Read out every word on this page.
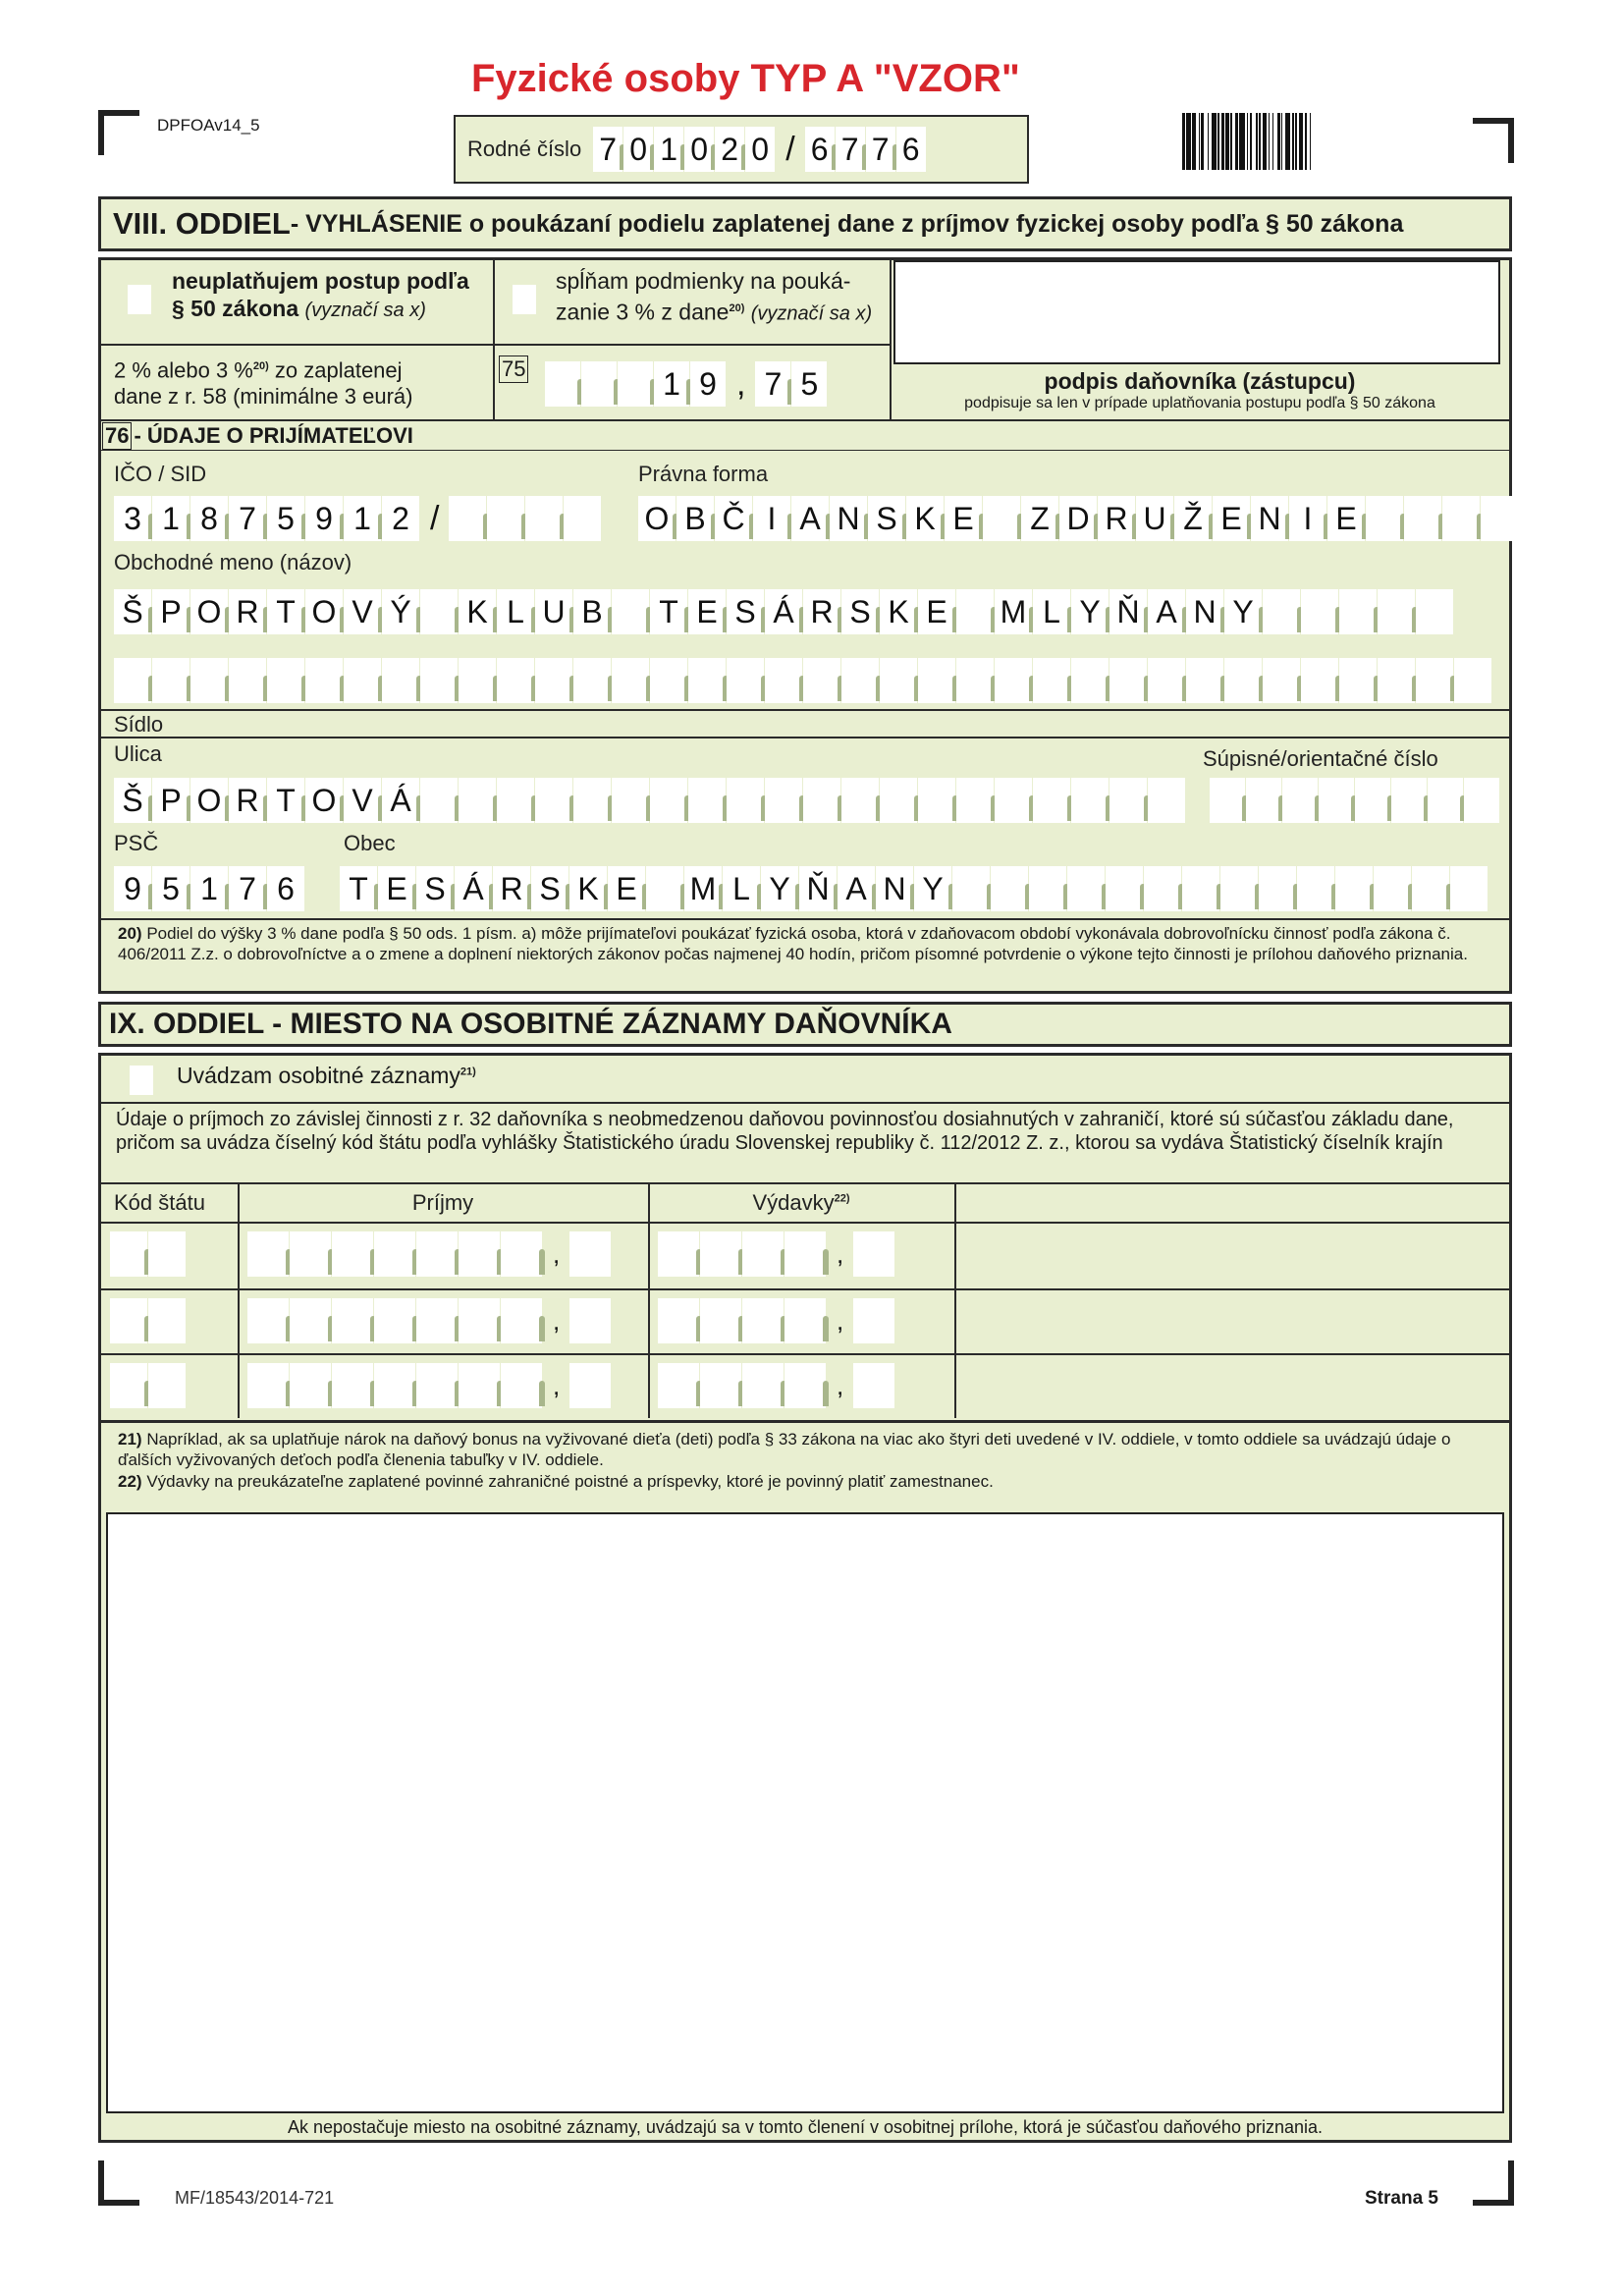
Fyzické osoby TYP A "VZOR"
DPFOAv14_5
Rodné číslo 7 0 1 0 2 0 / 6 7 7 6
VIII. ODDIEL - VYHLÁSENIE o poukázaní podielu zaplatenej dane z príjmov fyzickej osoby podľa § 50 zákona
neuplatňujem postup podľa
§ 50 zákona (vyznačí sa x)
spĺňam podmienky na pouká-
zanie 3 % z dane$^{20)}$ (vyznačí sa x)
podpis daňovníka (zástupcu)
podpisuje sa len v prípade uplatňovania postupu podľa § 50 zákona
2 % alebo 3 %$^{20)}$ zo zaplatenej
dane z r. 58 (minimálne 3 eurá)
75	1 9 , 7 5
76 - ÚDAJE O PRIJÍMATEĽOVI
IČO / SID	Právna forma
3 1 8 7 5 9 1 2 /	O B Č I A N S K E Z D R U Ž E N I E
Obchodné meno (názov)
Š P O R T O V Ý K L U B T E S Á R S K E M L Y Ň A N Y
Sídlo
Ulica	Súpisné/orientačné číslo
Š P O R T O V Á
PSČ	Obec
9 5 1 7 6	T E S Á R S K E M L Y Ň A N Y
20) Podiel do výšky 3 % dane podľa § 50 ods. 1 písm. a) môže prijímateľovi poukázať fyzická osoba, ktorá v zdaňovacom období vykonávala dobrovoľnícku činnosť podľa zákona č. 406/2011 Z.z. o dobrovoľníctve a o zmene a doplnení niektorých zákonov počas najmenej 40 hodín, pričom písomné potvrdenie o výkone tejto činnosti je prílohou daňového priznania.
IX. ODDIEL - MIESTO NA OSOBITNÉ ZÁZNAMY DAŇOVNÍKA
Uvádzam osobitné záznamy$^{21)}$
Údaje o príjmoch zo závislej činnosti z r. 32 daňovníka s neobmedzenou daňovou povinnosťou dosiahnutých v zahraničí, ktoré sú súčasťou základu dane, pričom sa uvádza číselný kód štátu podľa vyhlášky Štatistického úradu Slovenskej republiky č. 112/2012 Z. z., ktorou sa vydáva Štatistický číselník krajín
Kód štátu	Príjmy	Výdavky$^{22)}$
,	,
,	,
,	,
21) Napríklad, ak sa uplatňuje nárok na daňový bonus na vyživované dieťa (deti) podľa § 33 zákona na viac ako štyri deti uvedené v IV. oddiele, v tomto oddiele sa uvádzajú údaje o ďalších vyživovaných deťoch podľa členenia tabuľky v IV. oddiele.
22) Výdavky na preukázateľne zaplatené povinné zahraničné poistné a príspevky, ktoré je povinný platiť zamestnanec.
Ak nepostačuje miesto na osobitné záznamy, uvádzajú sa v tomto členení v osobitnej prílohe, ktorá je súčasťou daňového priznania.
MF/18543/2014-721	Strana 5
